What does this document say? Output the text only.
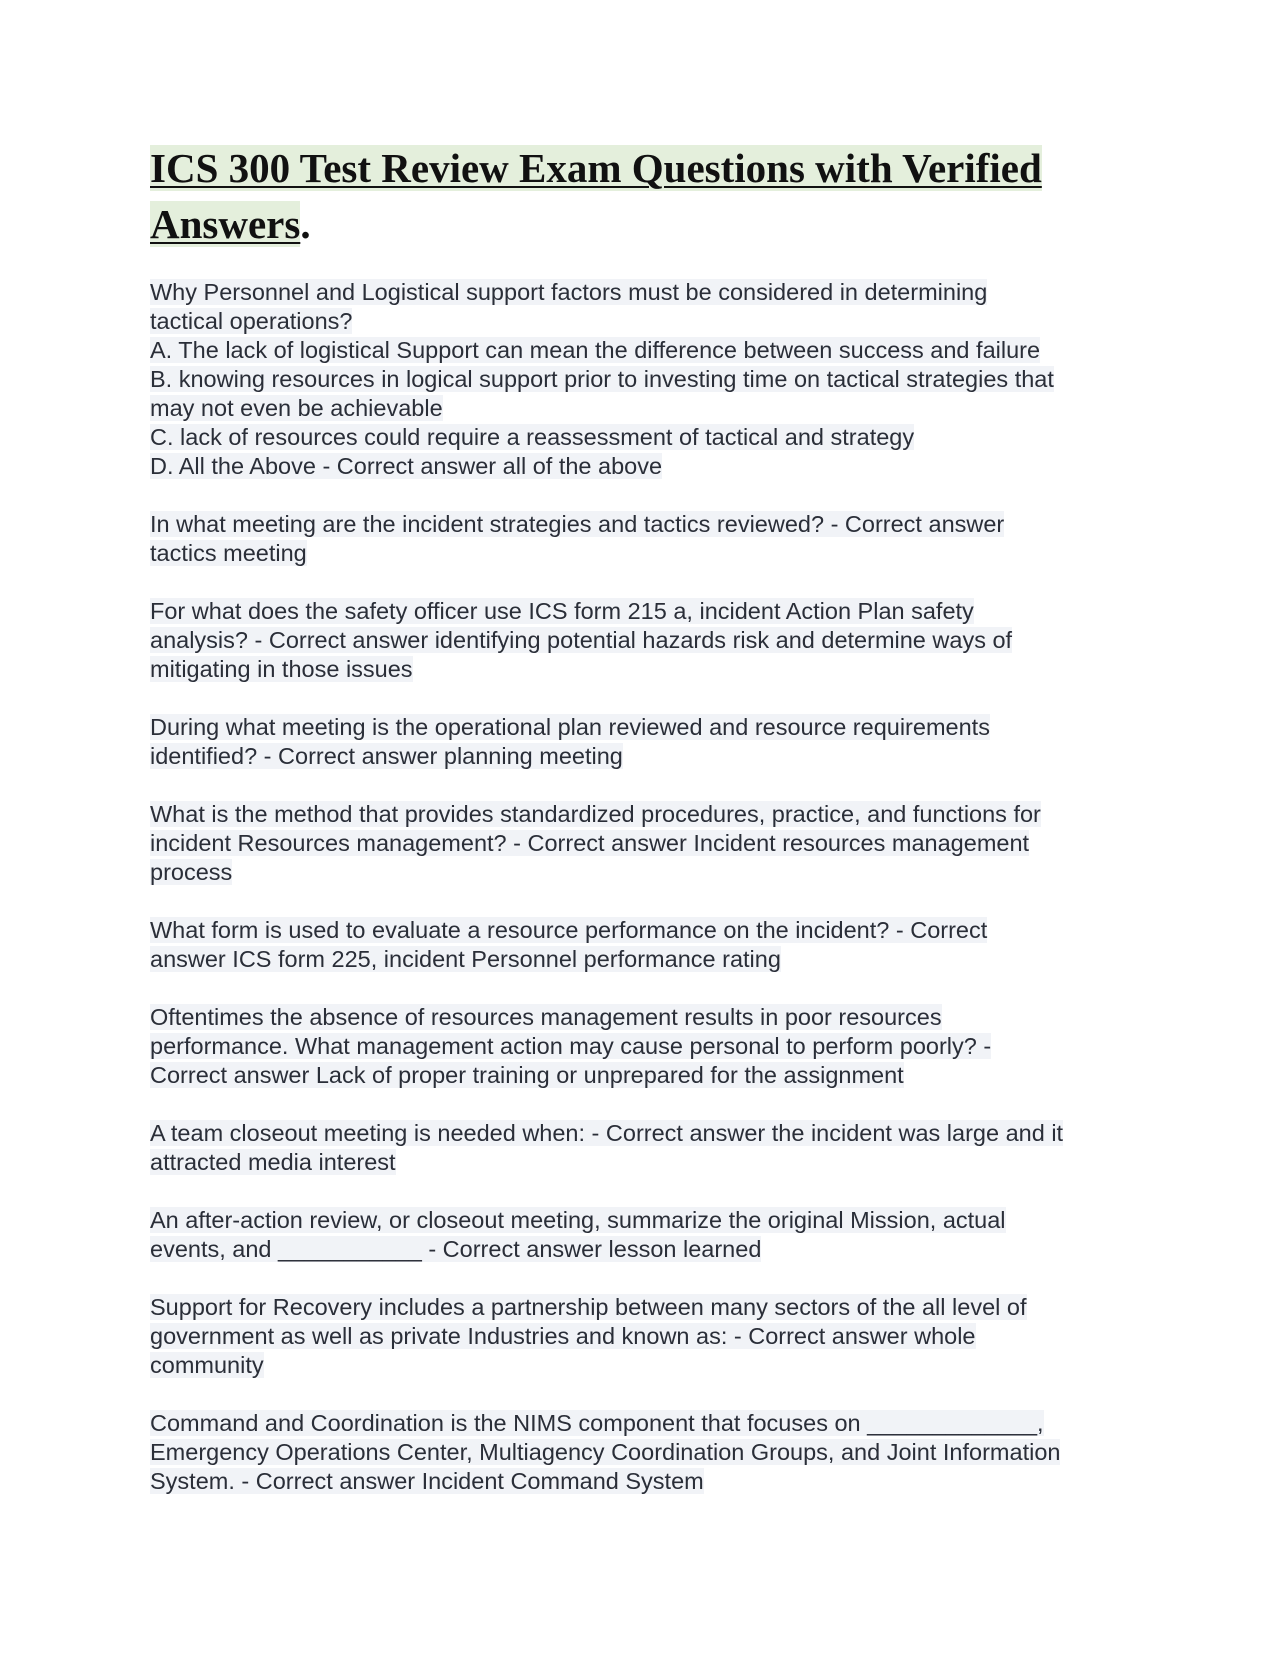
ICS 300 Test Review Exam Questions with Verified
Answers.
Why Personnel and Logistical support factors must be considered in determining
tactical operations?
A. The lack of logistical Support can mean the difference between success and failure
B. knowing resources in logical support prior to investing time on tactical strategies that
may not even be achievable
C. lack of resources could require a reassessment of tactical and strategy
D. All the Above - Correct answer all of the above
In what meeting are the incident strategies and tactics reviewed? - Correct answer
tactics meeting
For what does the safety officer use ICS form 215 a, incident Action Plan safety
analysis? - Correct answer identifying potential hazards risk and determine ways of
mitigating in those issues
During what meeting is the operational plan reviewed and resource requirements
identified? - Correct answer planning meeting
What is the method that provides standardized procedures, practice, and functions for
incident Resources management? - Correct answer Incident resources management
process
What form is used to evaluate a resource performance on the incident? - Correct
answer ICS form 225, incident Personnel performance rating
Oftentimes the absence of resources management results in poor resources
performance. What management action may cause personal to perform poorly? -
Correct answer Lack of proper training or unprepared for the assignment
A team closeout meeting is needed when: - Correct answer the incident was large and it
attracted media interest
An after-action review, or closeout meeting, summarize the original Mission, actual
events, and ___________ - Correct answer lesson learned
Support for Recovery includes a partnership between many sectors of the all level of
government as well as private Industries and known as: - Correct answer whole
community
Command and Coordination is the NIMS component that focuses on _____________,
Emergency Operations Center, Multiagency Coordination Groups, and Joint Information
System. - Correct answer Incident Command System
